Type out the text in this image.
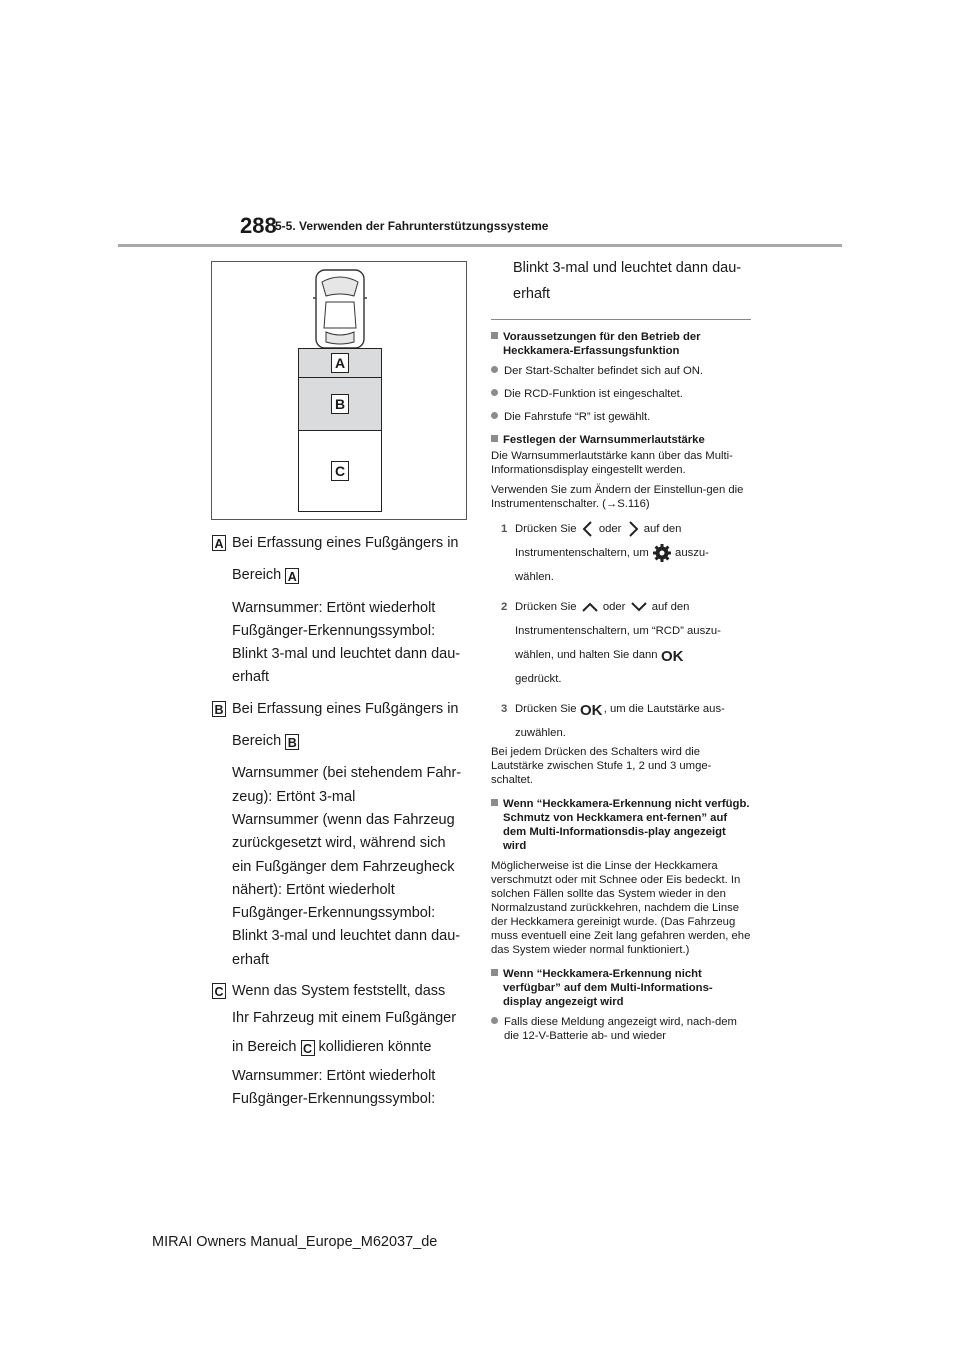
288
5-5. Verwenden der Fahrunterstützungssysteme
A
B
C
A Bei Erfassung eines Fußgängers in
Bereich A
Warnsummer: Ertönt wiederholt
Fußgänger-Erkennungssymbol:
Blinkt 3-mal und leuchtet dann dau-
erhaft
B Bei Erfassung eines Fußgängers in
Bereich B
Warnsummer (bei stehendem Fahr-
zeug): Ertönt 3-mal
Warnsummer (wenn das Fahrzeug
zurückgesetzt wird, während sich
ein Fußgänger dem Fahrzeugheck
nähert): Ertönt wiederholt
Fußgänger-Erkennungssymbol:
Blinkt 3-mal und leuchtet dann dau-
erhaft
C Wenn das System feststellt, dass
Ihr Fahrzeug mit einem Fußgänger
in Bereich C kollidieren könnte
Warnsummer: Ertönt wiederholt
Fußgänger-Erkennungssymbol:
Blinkt 3-mal und leuchtet dann dau-
erhaft
Voraussetzungen für den Betrieb der
Heckkamera-Erfassungsfunktion
Der Start-Schalter befindet sich auf ON.
Die RCD-Funktion ist eingeschaltet.
Die Fahrstufe “R” ist gewählt.
Festlegen der Warnsummerlautstärke
Die Warnsummerlautstärke kann über das Multi-Informationsdisplay eingestellt werden.
Verwenden Sie zum Ändern der Einstellun-gen die Instrumentenschalter. (→S.116)
1 Drücken Sie oder auf den
Instrumentenschaltern, um auszu-
wählen.
2 Drücken Sie oder auf den
Instrumentenschaltern, um “RCD” auszu-
wählen, und halten Sie dann OK

gedrückt.
3 Drücken Sie OK , um die Lautstärke aus-
zuwählen.
Bei jedem Drücken des Schalters wird die Lautstärke zwischen Stufe 1, 2 und 3 umge-schaltet.
Wenn “Heckkamera-Erkennung nicht verfügb. Schmutz von Heckkamera ent-fernen” auf dem Multi-Informationsdis-play angezeigt wird
Möglicherweise ist die Linse der Heckkamera verschmutzt oder mit Schnee oder Eis bedeckt. In solchen Fällen sollte das System wieder in den Normalzustand zurückkehren, nachdem die Linse der Heckkamera gereinigt wurde. (Das Fahrzeug muss eventuell eine Zeit lang gefahren werden, ehe das System wieder normal funktioniert.)
Wenn “Heckkamera-Erkennung nicht verfügbar” auf dem Multi-Informations-display angezeigt wird
Falls diese Meldung angezeigt wird, nach-dem die 12-V-Batterie ab- und wieder
MIRAI Owners Manual_Europe_M62037_de
